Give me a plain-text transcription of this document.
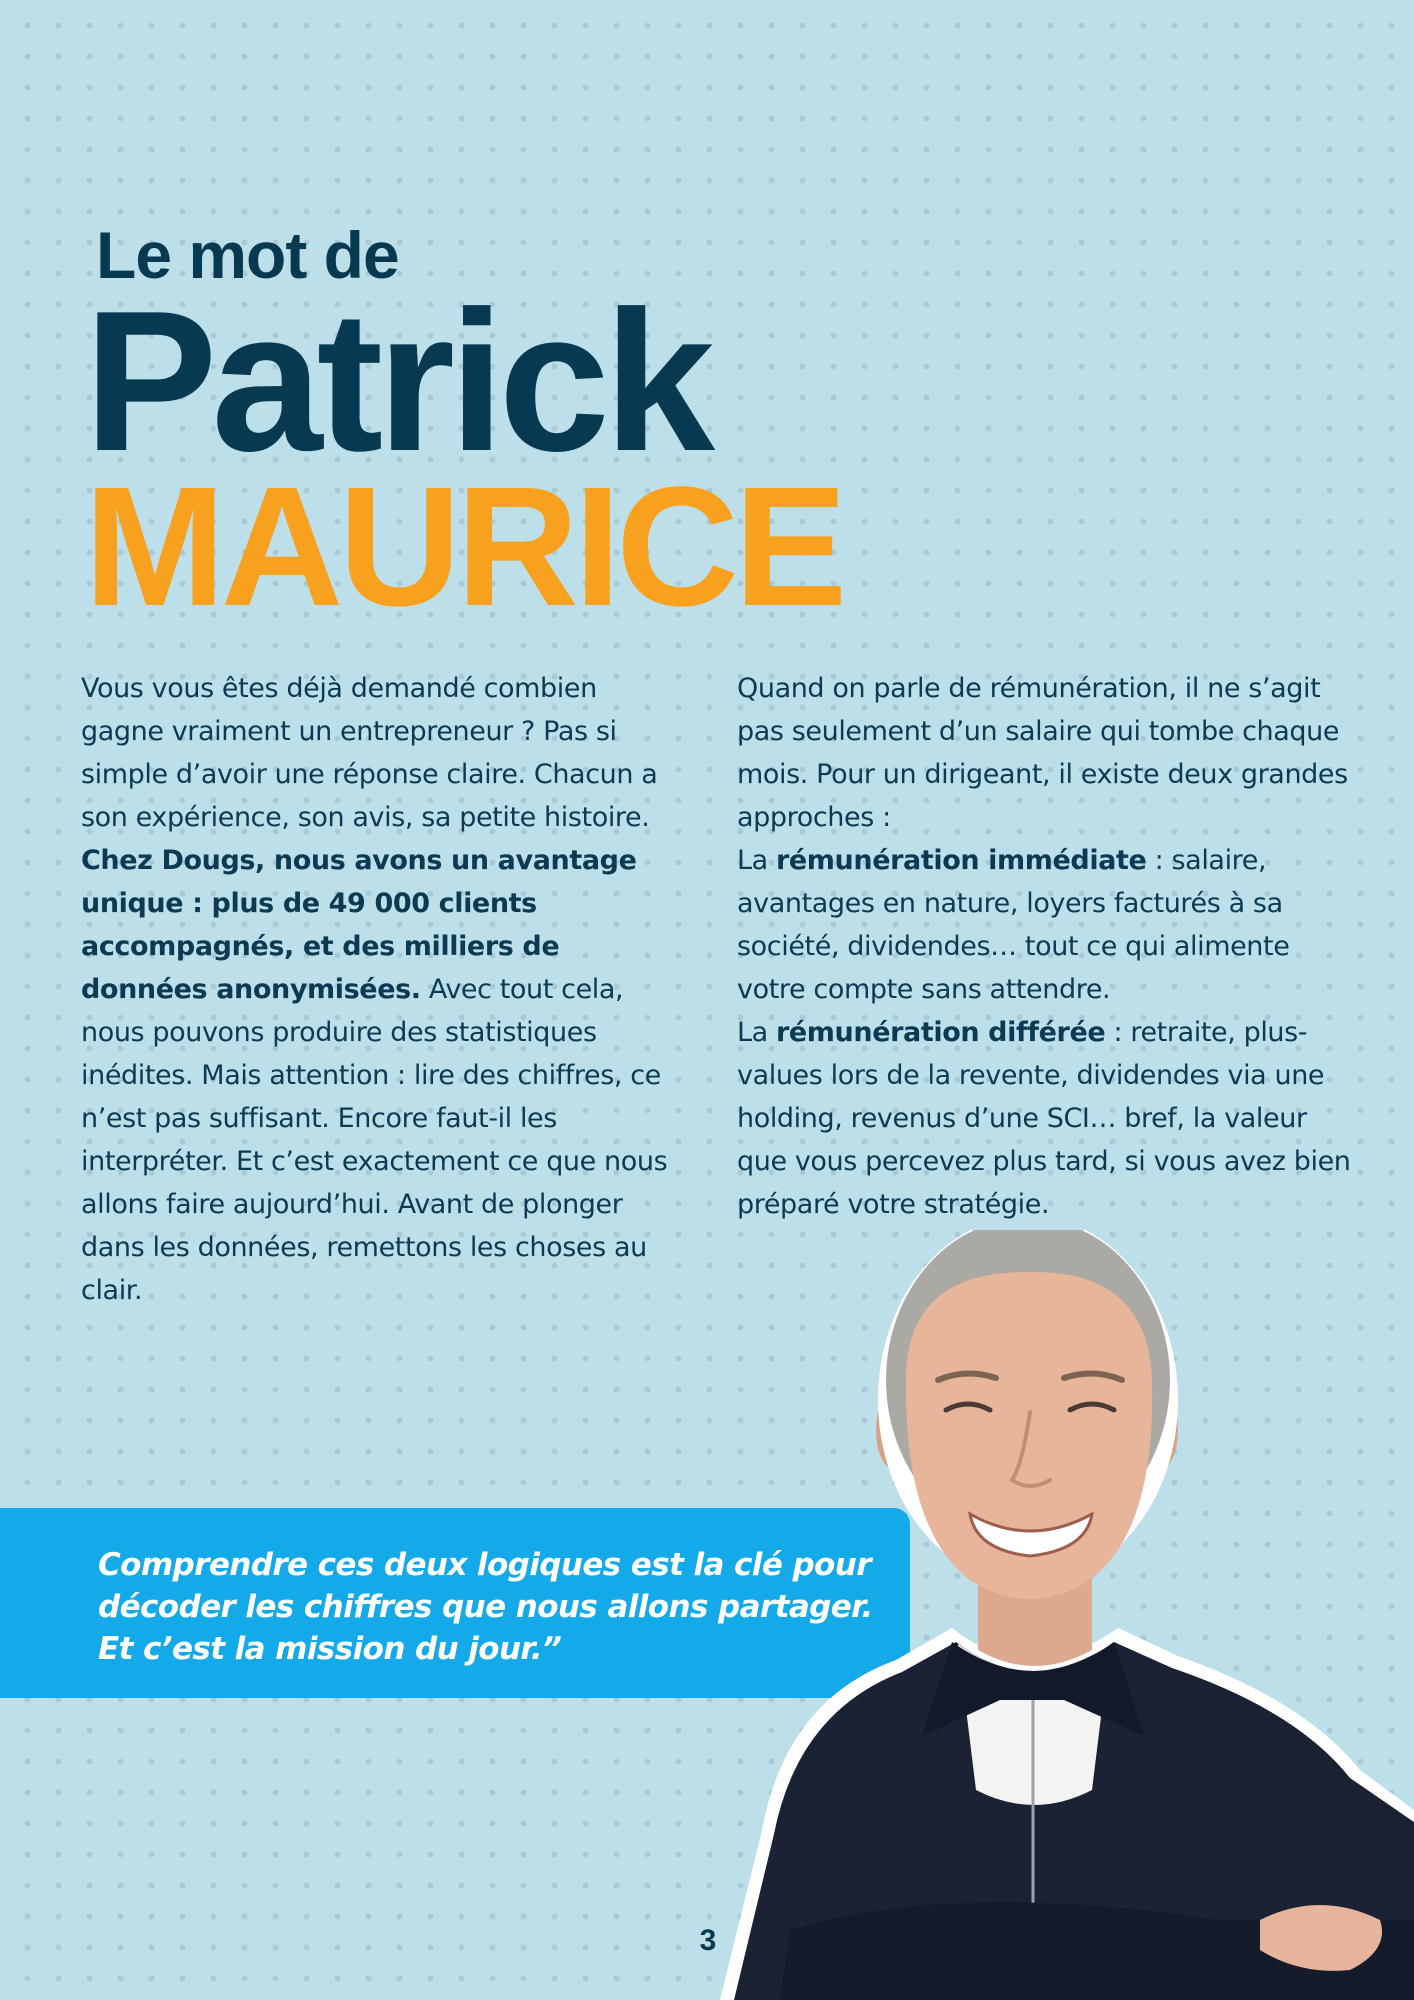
Le mot de
Patrick
MAURICE

Vous vous êtes déjà demandé combien gagne vraiment un entrepreneur ? Pas si simple d’avoir une réponse claire. Chacun a son expérience, son avis, sa petite histoire. Chez Dougs, nous avons un avantage unique : plus de 49 000 clients accompagnés, et des milliers de données anonymisées. Avec tout cela, nous pouvons produire des statistiques inédites. Mais attention : lire des chiffres, ce n’est pas suffisant. Encore faut-il les interpréter. Et c’est exactement ce que nous allons faire aujourd’hui. Avant de plonger dans les données, remettons les choses au clair.

Quand on parle de rémunération, il ne s’agit pas seulement d’un salaire qui tombe chaque mois. Pour un dirigeant, il existe deux grandes approches :

La rémunération immédiate : salaire, avantages en nature, loyers facturés à sa société, dividendes… tout ce qui alimente votre compte sans attendre.

La rémunération différée : retraite, plus-values lors de la revente, dividendes via une holding, revenus d’une SCI… bref, la valeur que vous percevez plus tard, si vous avez bien préparé votre stratégie.

Comprendre ces deux logiques est la clé pour
décoder les chiffres que nous allons partager.
Et c’est la mission du jour.”
3
